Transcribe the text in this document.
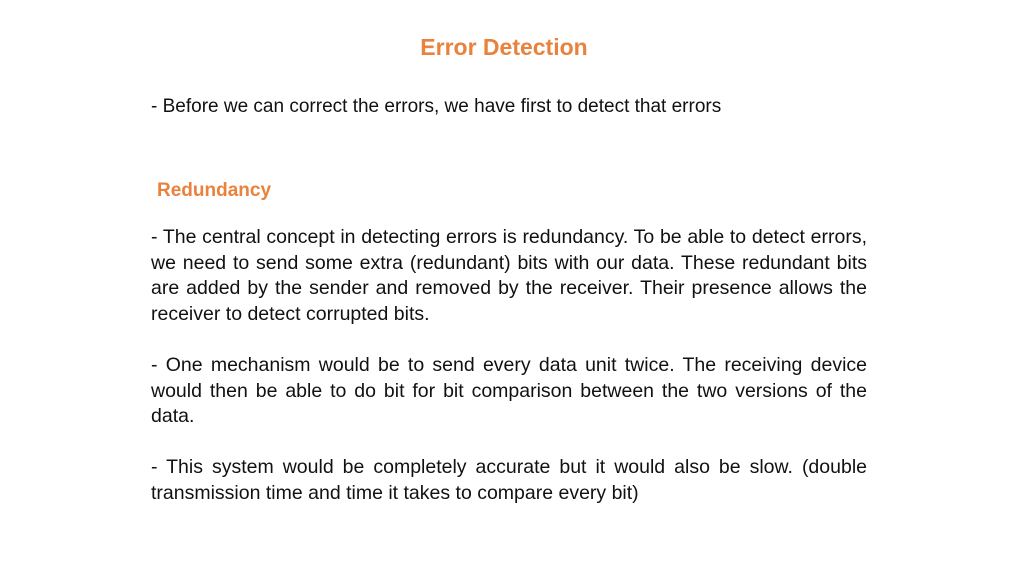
Error Detection
- Before we can correct the errors, we have first to detect that errors
Redundancy
- The central concept in detecting errors is redundancy. To be able to detect errors, we need to send some extra (redundant) bits with our data. These redundant bits are added by the sender and removed by the receiver. Their presence allows the receiver to detect corrupted bits.
- One mechanism would be to send every data unit twice. The receiving device would then be able to do bit for bit comparison between the two versions of the data.
- This system would be completely accurate but it would also be slow. (double transmission time and time it takes to compare every bit)
